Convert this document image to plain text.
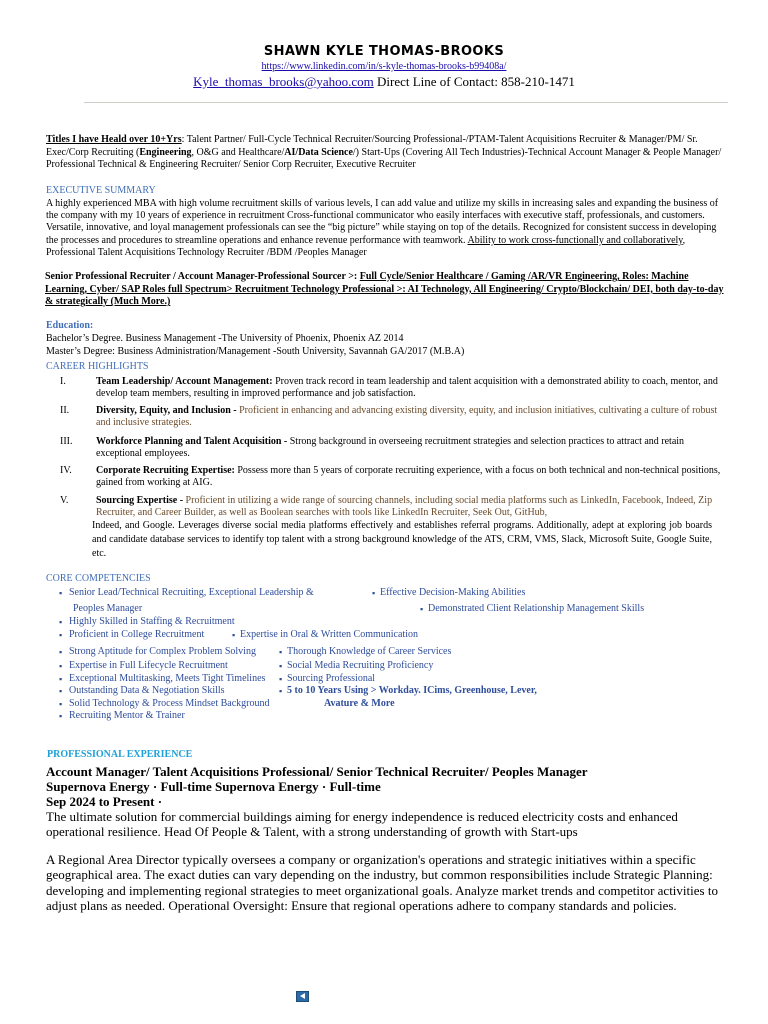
SHAWN KYLE THOMAS-BROOKS
https://www.linkedin.com/in/s-kyle-thomas-brooks-b99408a/
Kyle_thomas_brooks@yahoo.com Direct Line of Contact: 858-210-1471
Titles I have Heald over 10+Yrs: Talent Partner/ Full-Cycle Technical Recruiter/Sourcing Professional-/PTAM-Talent Acquisitions Recruiter & Manager/PM/ Sr. Exec/Corp Recruiting (Engineering, O&G and Healthcare/AI/Data Science/) Start-Ups (Covering All Tech Industries)-Technical Account Manager & People Manager/ Professional Technical & Engineering Recruiter/ Senior Corp Recruiter, Executive Recruiter
EXECUTIVE SUMMARY
A highly experienced MBA with high volume recruitment skills of various levels, I can add value and utilize my skills in increasing sales and expanding the business of the company with my 10 years of experience in recruitment Cross-functional communicator who easily interfaces with executive staff, professionals, and customers. Versatile, innovative, and loyal management professionals can see the “big picture” while staying on top of the details. Recognized for consistent success in developing the processes and procedures to streamline operations and enhance revenue performance with teamwork. Ability to work cross-functionally and collaboratively, Professional Talent Acquisitions Technology Recruiter /BDM /Peoples Manager
Senior Professional Recruiter / Account Manager-Professional Sourcer >: Full Cycle/Senior Healthcare / Gaming /AR/VR Engineering, Roles: Machine Learning, Cyber/ SAP Roles full Spectrum> Recruitment Technology Professional >: AI Technology, All Engineering/ Crypto/Blockchain/ DEI, both day-to-day & strategically (Much More.)
Education:
Bachelor’s Degree. Business Management -The University of Phoenix, Phoenix AZ 2014
Master’s Degree: Business Administration/Management -South University, Savannah GA/2017 (M.B.A)
CAREER HIGHLIGHTS
I.	Team Leadership/ Account Management: Proven track record in team leadership and talent acquisition with a demonstrated ability to coach, mentor, and develop team members, resulting in improved performance and job satisfaction.
II.	Diversity, Equity, and Inclusion - Proficient in enhancing and advancing existing diversity, equity, and inclusion initiatives, cultivating a culture of robust and inclusive strategies.
III. Workforce Planning and Talent Acquisition - Strong background in overseeing recruitment strategies and selection practices to attract and retain exceptional employees.
IV. Corporate Recruiting Expertise: Possess more than 5 years of corporate recruiting experience, with a focus on both technical and non-technical positions, gained from working at AIG.
V.	Sourcing Expertise - Proficient in utilizing a wide range of sourcing channels, including social media platforms such as LinkedIn, Facebook, Indeed, Zip Recruiter, and Career Builder, as well as Boolean searches with tools like LinkedIn Recruiter, Seek Out, GitHub,
Indeed, and Google. Leverages diverse social media platforms effectively and establishes referral programs. Additionally, adept at exploring job boards and candidate database services to identify top talent with a strong background knowledge of the ATS, CRM, VMS, Slack, Microsoft Suite, Google Suite, etc.
CORE COMPETENCIES
▪ Senior Lead/Technical Recruiting, Exceptional Leadership &
Peoples Manager
▪ Effective Decision-Making Abilities
▪ Demonstrated Client Relationship Management Skills
▪ Highly Skilled in Staffing & Recruitment
▪ Proficient in College Recruitment	▪ Expertise in Oral & Written Communication
▪ Strong Aptitude for Complex Problem Solving	▪ Thorough Knowledge of Career Services
▪ Expertise in Full Lifecycle Recruitment	▪ Social Media Recruiting Proficiency
▪ Exceptional Multitasking, Meets Tight Timelines ▪ Sourcing Professional
▪ Outstanding Data & Negotiation Skills	▪ 5 to 10 Years Using > Workday. ICims, Greenhouse, Lever,
▪ Solid Technology & Process Mindset Background	Avature & More
▪ Recruiting Mentor & Trainer
PROFESSIONAL EXPERIENCE
Account Manager/ Talent Acquisitions Professional/ Senior Technical Recruiter/ Peoples Manager
Supernova Energy · Full-time Supernova Energy · Full-time
Sep 2024 to Present ·
The ultimate solution for commercial buildings aiming for energy independence is reduced electricity costs and enhanced operational resilience. Head Of People & Talent, with a strong understanding of growth with Start-ups
A Regional Area Director typically oversees a company or organization's operations and strategic initiatives within a specific geographical area. The exact duties can vary depending on the industry, but common responsibilities include Strategic Planning: developing and implementing regional strategies to meet organizational goals. Analyze market trends and competitor activities to adjust plans as needed. Operational Oversight: Ensure that regional operations adhere to company standards and policies.
